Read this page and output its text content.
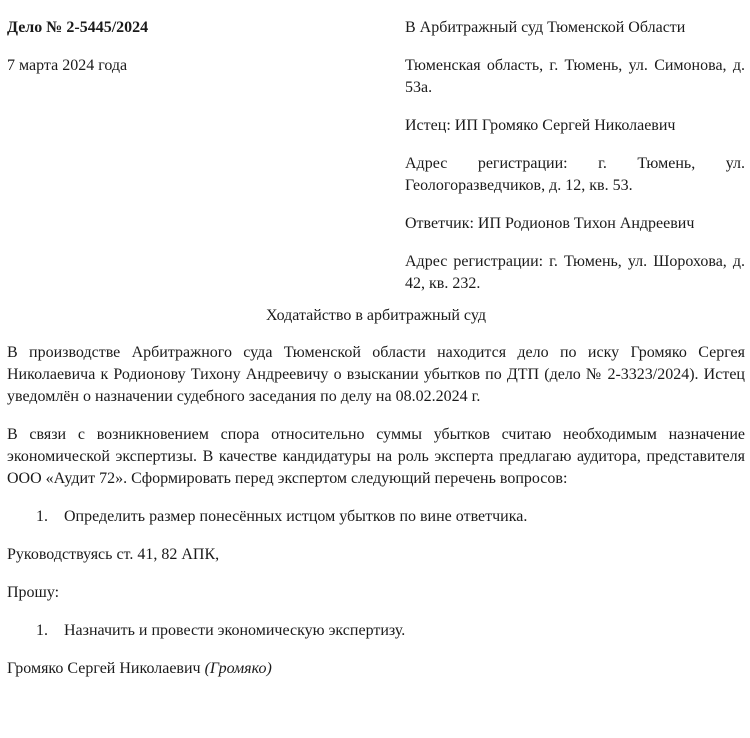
Дело № 2-5445/2024

7 марта 2024 года

В Арбитражный суд Тюменской Области

Тюменская область, г. Тюмень, ул. Симонова, д. 53а.

Истец: ИП Громяко Сергей Николаевич

Адрес регистрации: г. Тюмень, ул. Геологоразведчиков, д. 12, кв. 53.

Ответчик: ИП Родионов Тихон Андреевич

Адрес регистрации: г. Тюмень, ул. Шорохова, д. 42, кв. 232.

Ходатайство в арбитражный суд

В производстве Арбитражного суда Тюменской области находится дело по иску Громяко Сергея Николаевича к Родионову Тихону Андреевичу о взыскании убытков по ДТП (дело № 2-3323/2024). Истец уведомлён о назначении судебного заседания по делу на 08.02.2024 г.

В связи с возникновением спора относительно суммы убытков считаю необходимым назначение экономической экспертизы. В качестве кандидатуры на роль эксперта предлагаю аудитора, представителя ООО «Аудит 72». Сформировать перед экспертом следующий перечень вопросов:

1.	Определить размер понесённых истцом убытков по вине ответчика.

Руководствуясь ст. 41, 82 АПК,

Прошу:

1.	Назначить и провести экономическую экспертизу.

Громяко Сергей Николаевич (Громяко)
